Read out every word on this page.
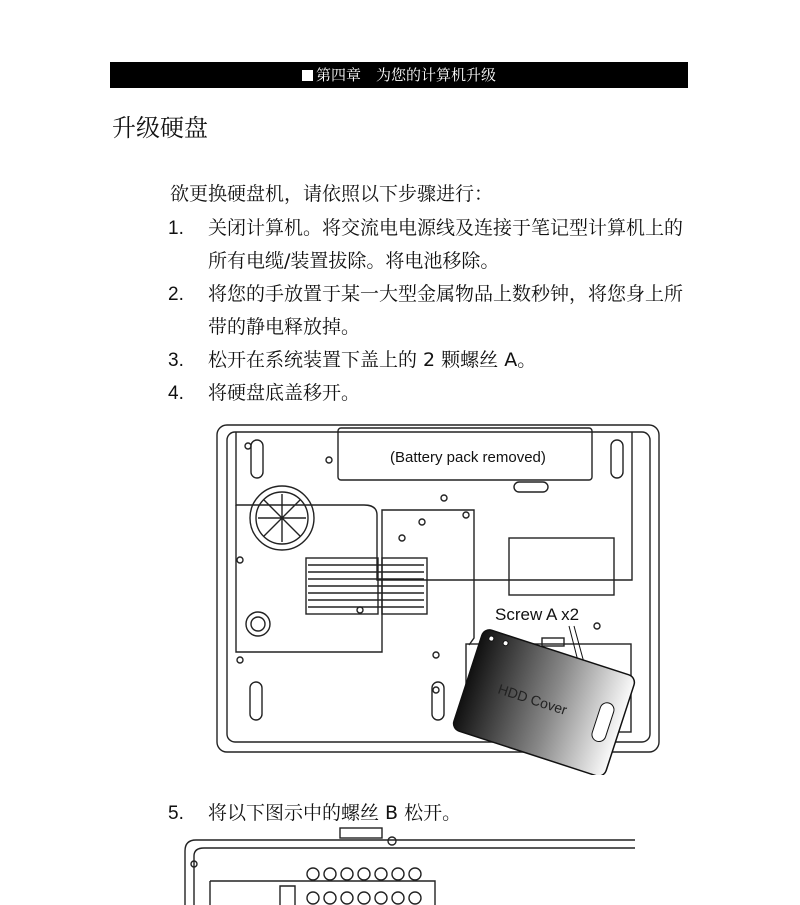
第四章　为您的计算机升级
升级硬盘
欲更换硬盘机，请依照以下步骤进行：
1. 关闭计算机。将交流电电源线及连接于笔记型计算机上的所有电缆/装置拔除。将电池移除。
2. 将您的手放置于某一大型金属物品上数秒钟，将您身上所带的静电释放掉。
3. 松开在系统装置下盖上的 2 颗螺丝 A。
4. 将硬盘底盖移开。
(Battery pack removed)
Screw A x2
HDD Cover
5. 将以下图示中的螺丝 B 松开。
